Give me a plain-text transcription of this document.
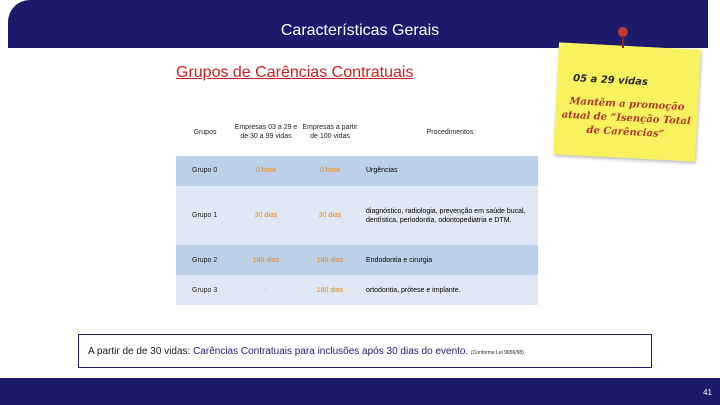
Características Gerais
Grupos de Carências Contratuais	05 a 29 vidas
Mantêm a promoção atual de “Isenção Total de Carências”
Grupos	Empresas 03 a 29 e de 30 a 99 vidas	Empresas a partir de 100 vidas	Procedimentos
Grupo 0	0 hora	0 hora	Urgências
Grupo 1	30 dias	30 dias	diagnóstico, radiologia, prevenção em saúde bucal, dentística, periodontia, odontopediatria e DTM.
Grupo 2	180 dias	180 dias	Endodontia e cirurgia
Grupo 3	-	180 dias	ortodontia, prótese e implante.
A partir de de 30 vidas: Carências Contratuais para inclusões após 30 dias do evento. (Conforme Lei 9656/98)
41
